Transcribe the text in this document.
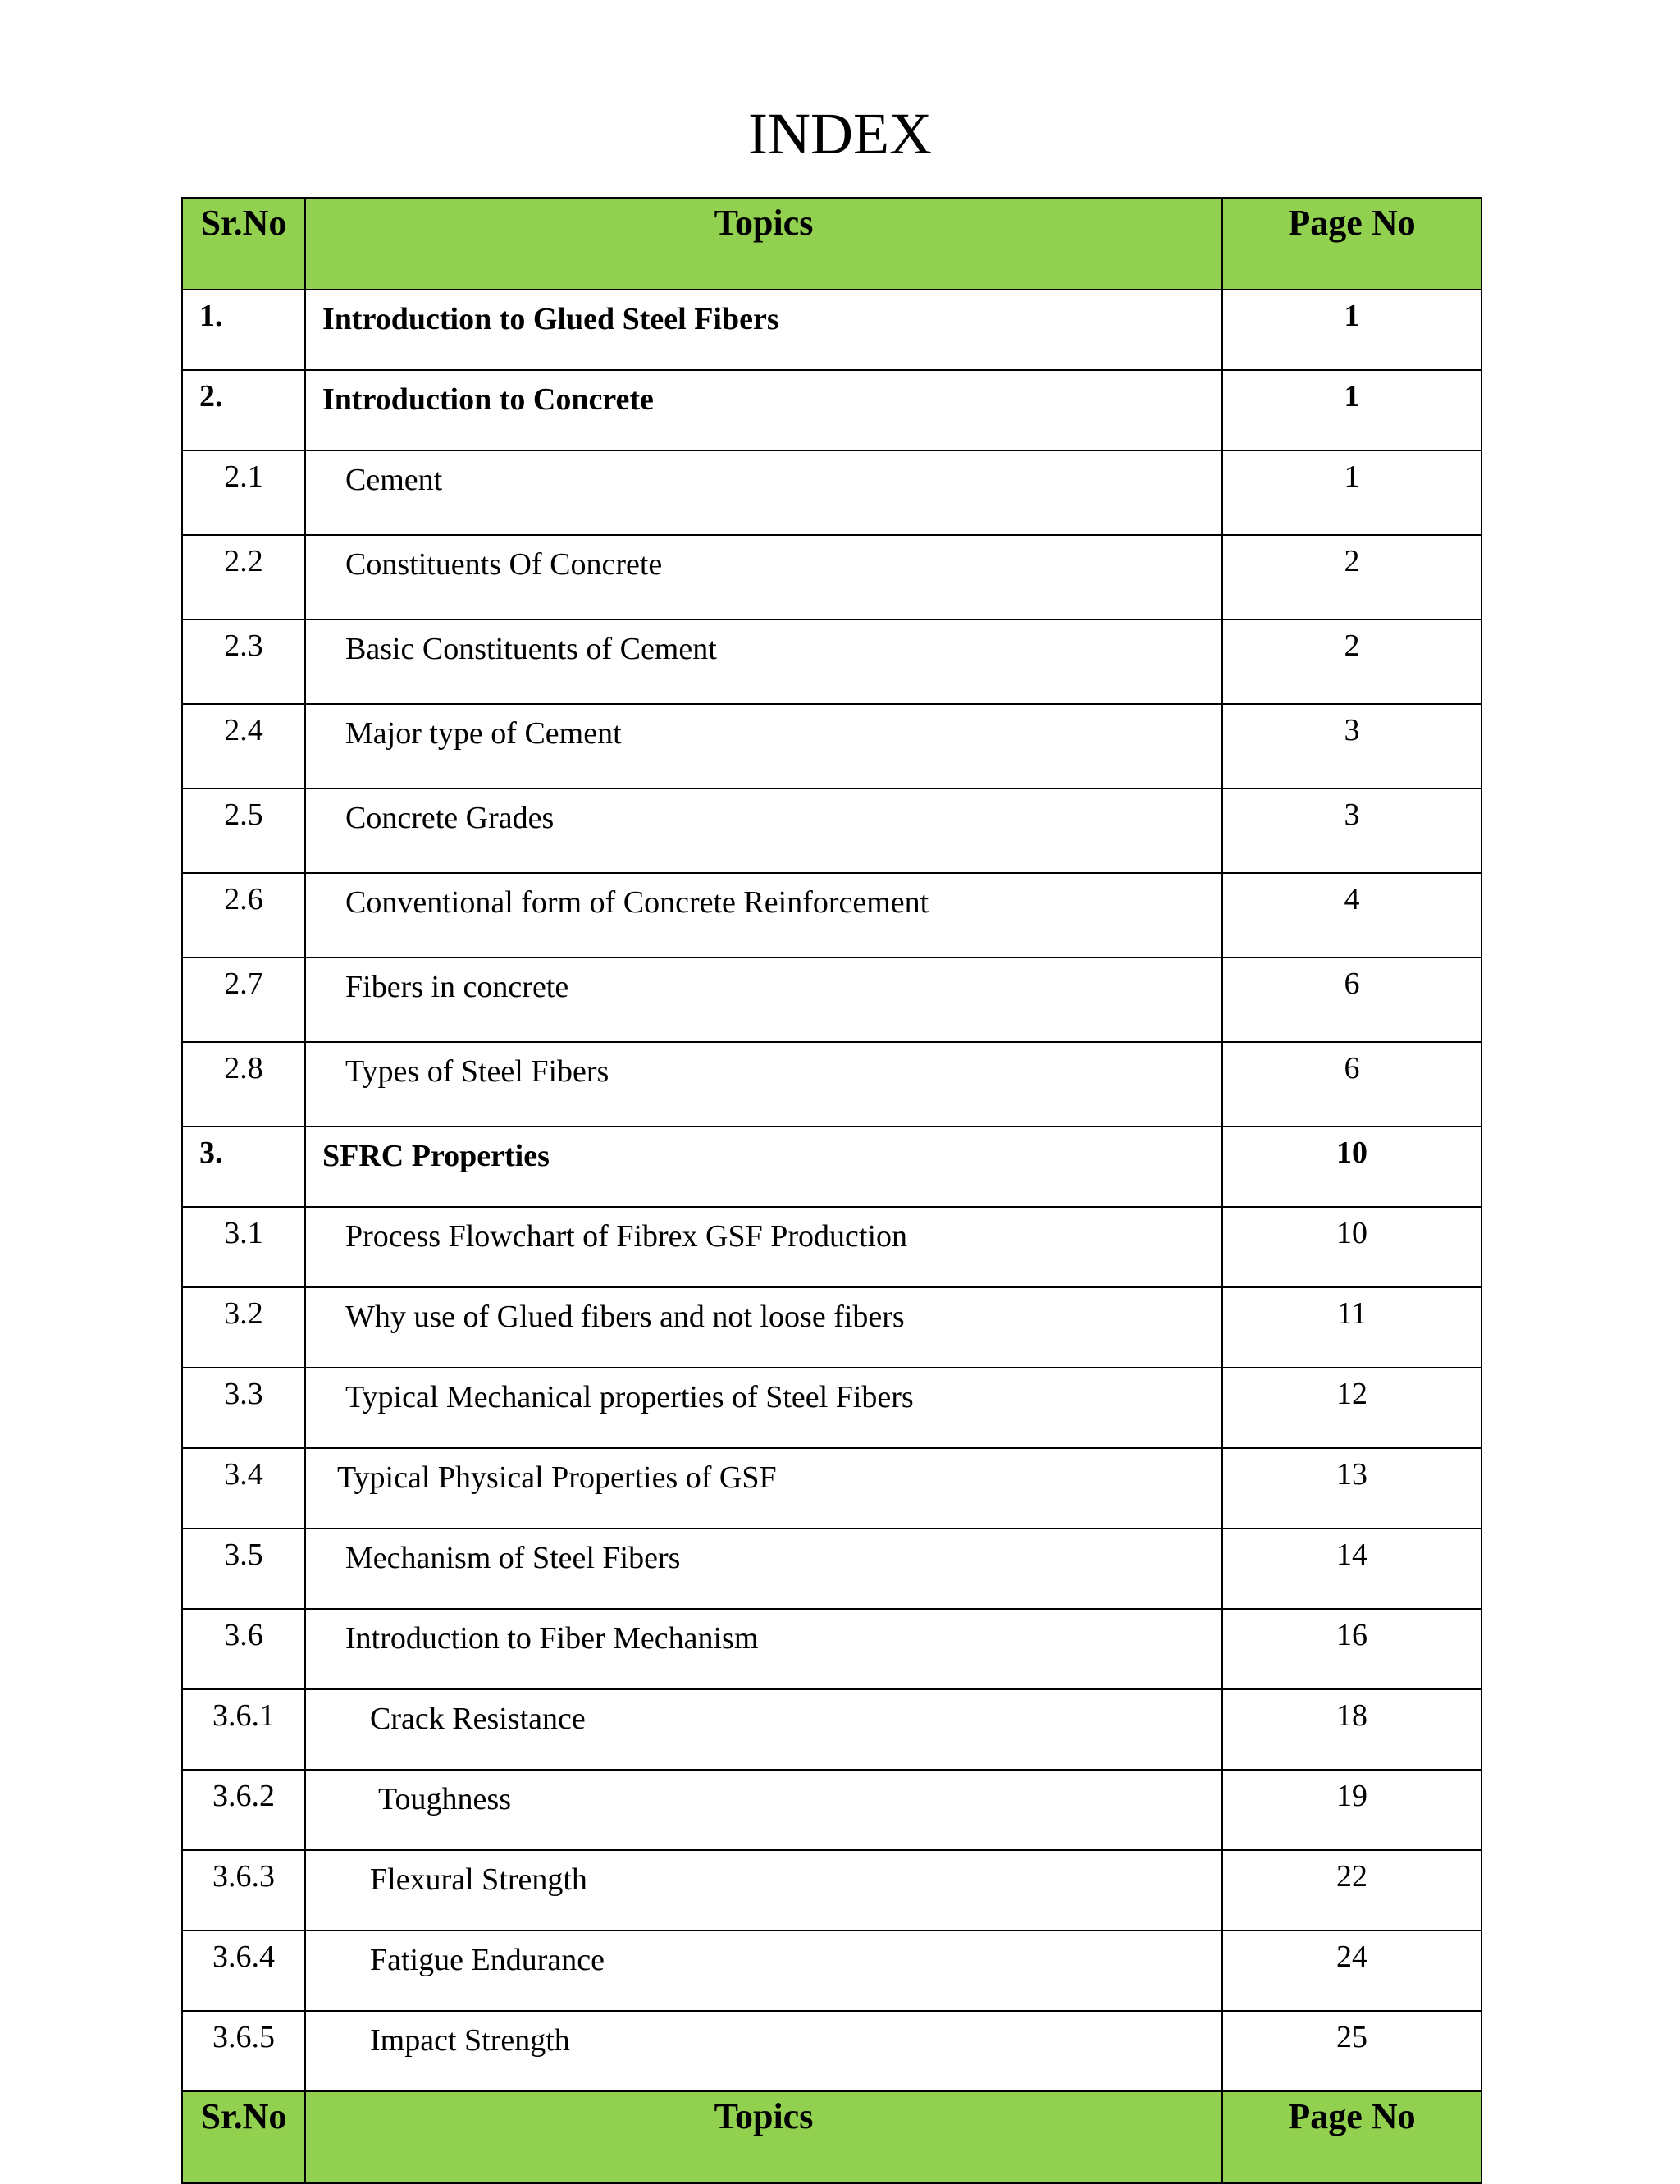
INDEX
Sr.No	Topics	Page No
1.	Introduction to Glued Steel Fibers	1
2.	Introduction to Concrete	1
2.1	Cement	1
2.2	Constituents Of Concrete	2
2.3	Basic Constituents of Cement	2
2.4	Major type of Cement	3
2.5	Concrete Grades	3
2.6	Conventional form of Concrete Reinforcement	4
2.7	Fibers in concrete	6
2.8	Types of Steel Fibers	6
3.	SFRC Properties	10
3.1	Process Flowchart of Fibrex GSF Production	10
3.2	Why use of Glued fibers and not loose fibers	11
3.3	Typical Mechanical properties of Steel Fibers	12
3.4	Typical Physical Properties of GSF	13
3.5	Mechanism of Steel Fibers	14
3.6	Introduction to Fiber Mechanism	16
3.6.1	Crack Resistance	18
3.6.2	Toughness	19
3.6.3	Flexural Strength	22
3.6.4	Fatigue Endurance	24
3.6.5	Impact Strength	25
Sr.No	Topics	Page No
